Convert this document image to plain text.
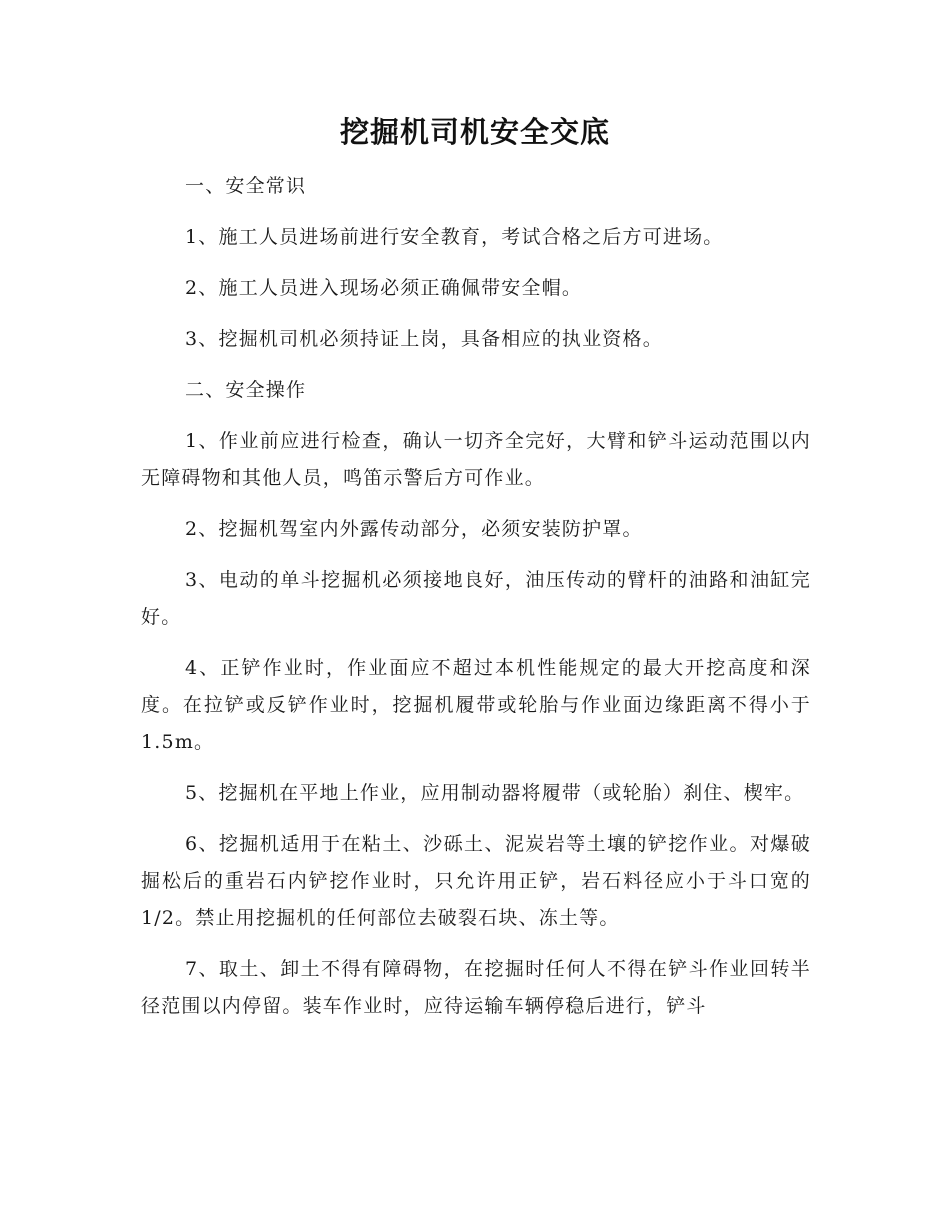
挖掘机司机安全交底

一、安全常识

1、施工人员进场前进行安全教育，考试合格之后方可进场。

2、施工人员进入现场必须正确佩带安全帽。

3、挖掘机司机必须持证上岗，具备相应的执业资格。

二、安全操作

1、作业前应进行检查，确认一切齐全完好，大臂和铲斗运动范围以内无障碍物和其他人员，鸣笛示警后方可作业。

2、挖掘机驾室内外露传动部分，必须安装防护罩。

3、电动的单斗挖掘机必须接地良好，油压传动的臂杆的油路和油缸完好。

4、正铲作业时，作业面应不超过本机性能规定的最大开挖高度和深度。在拉铲或反铲作业时，挖掘机履带或轮胎与作业面边缘距离不得小于1.5m。

5、挖掘机在平地上作业，应用制动器将履带（或轮胎）刹住、楔牢。

6、挖掘机适用于在粘土、沙砾土、泥炭岩等土壤的铲挖作业。对爆破掘松后的重岩石内铲挖作业时，只允许用正铲，岩石料径应小于斗口宽的1/2。禁止用挖掘机的任何部位去破裂石块、冻土等。

7、取土、卸土不得有障碍物，在挖掘时任何人不得在铲斗作业回转半径范围以内停留。装车作业时，应待运输车辆停稳后进行，铲斗
